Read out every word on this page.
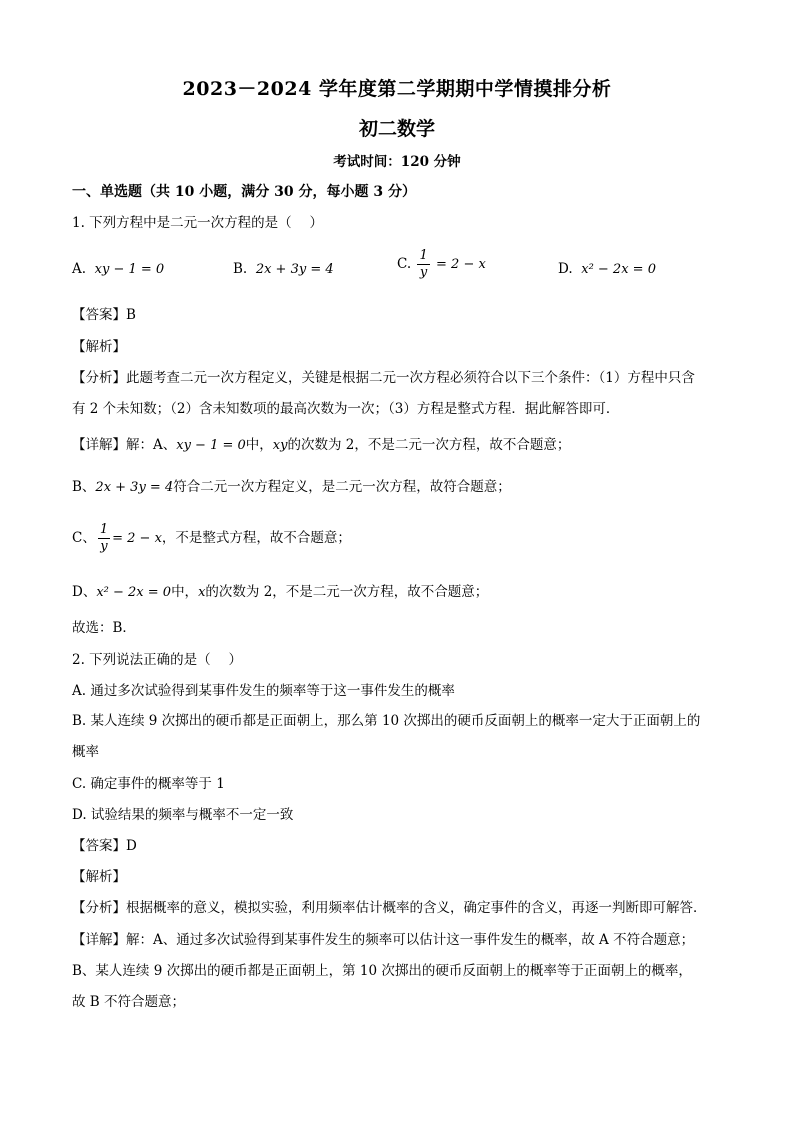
2023－2024 学年度第二学期期中学情摸排分析
初二数学
考试时间：120 分钟
一、单选题（共 10 小题，满分 30 分，每小题 3 分）
1. 下列方程中是二元一次方程的是（　 ）
A. xy − 1 = 0	B. 2x + 3y = 4	C. $\frac{1}{y} = 2 - x$	D. x² − 2x = 0
【答案】B
【解析】
【分析】此题考查二元一次方程定义，关键是根据二元一次方程必须符合以下三个条件：（1）方程中只含
有 2 个未知数；（2）含未知数项的最高次数为一次；（3）方程是整式方程．据此解答即可．
【详解】解：A、xy − 1 = 0中，xy的次数为 2，不是二元一次方程，故不合题意；
B、2x + 3y = 4符合二元一次方程定义，是二元一次方程，故符合题意；
C、 $\frac{1}{y} = 2 - x$，不是整式方程，故不合题意；
D、x² − 2x = 0中，x的次数为 2，不是二元一次方程，故不合题意；
故选：B．
2. 下列说法正确的是（　 ）
A. 通过多次试验得到某事件发生的频率等于这一事件发生的概率
B. 某人连续 9 次掷出的硬币都是正面朝上，那么第 10 次掷出的硬币反面朝上的概率一定大于正面朝上的
概率
C. 确定事件的概率等于 1
D. 试验结果的频率与概率不一定一致
【答案】D
【解析】
【分析】根据概率的意义，模拟实验，利用频率估计概率的含义，确定事件的含义，再逐一判断即可解答．
【详解】解：A、通过多次试验得到某事件发生的频率可以估计这一事件发生的概率，故 A 不符合题意；
B、某人连续 9 次掷出的硬币都是正面朝上，第 10 次掷出的硬币反面朝上的概率等于正面朝上的概率，
故 B 不符合题意；
